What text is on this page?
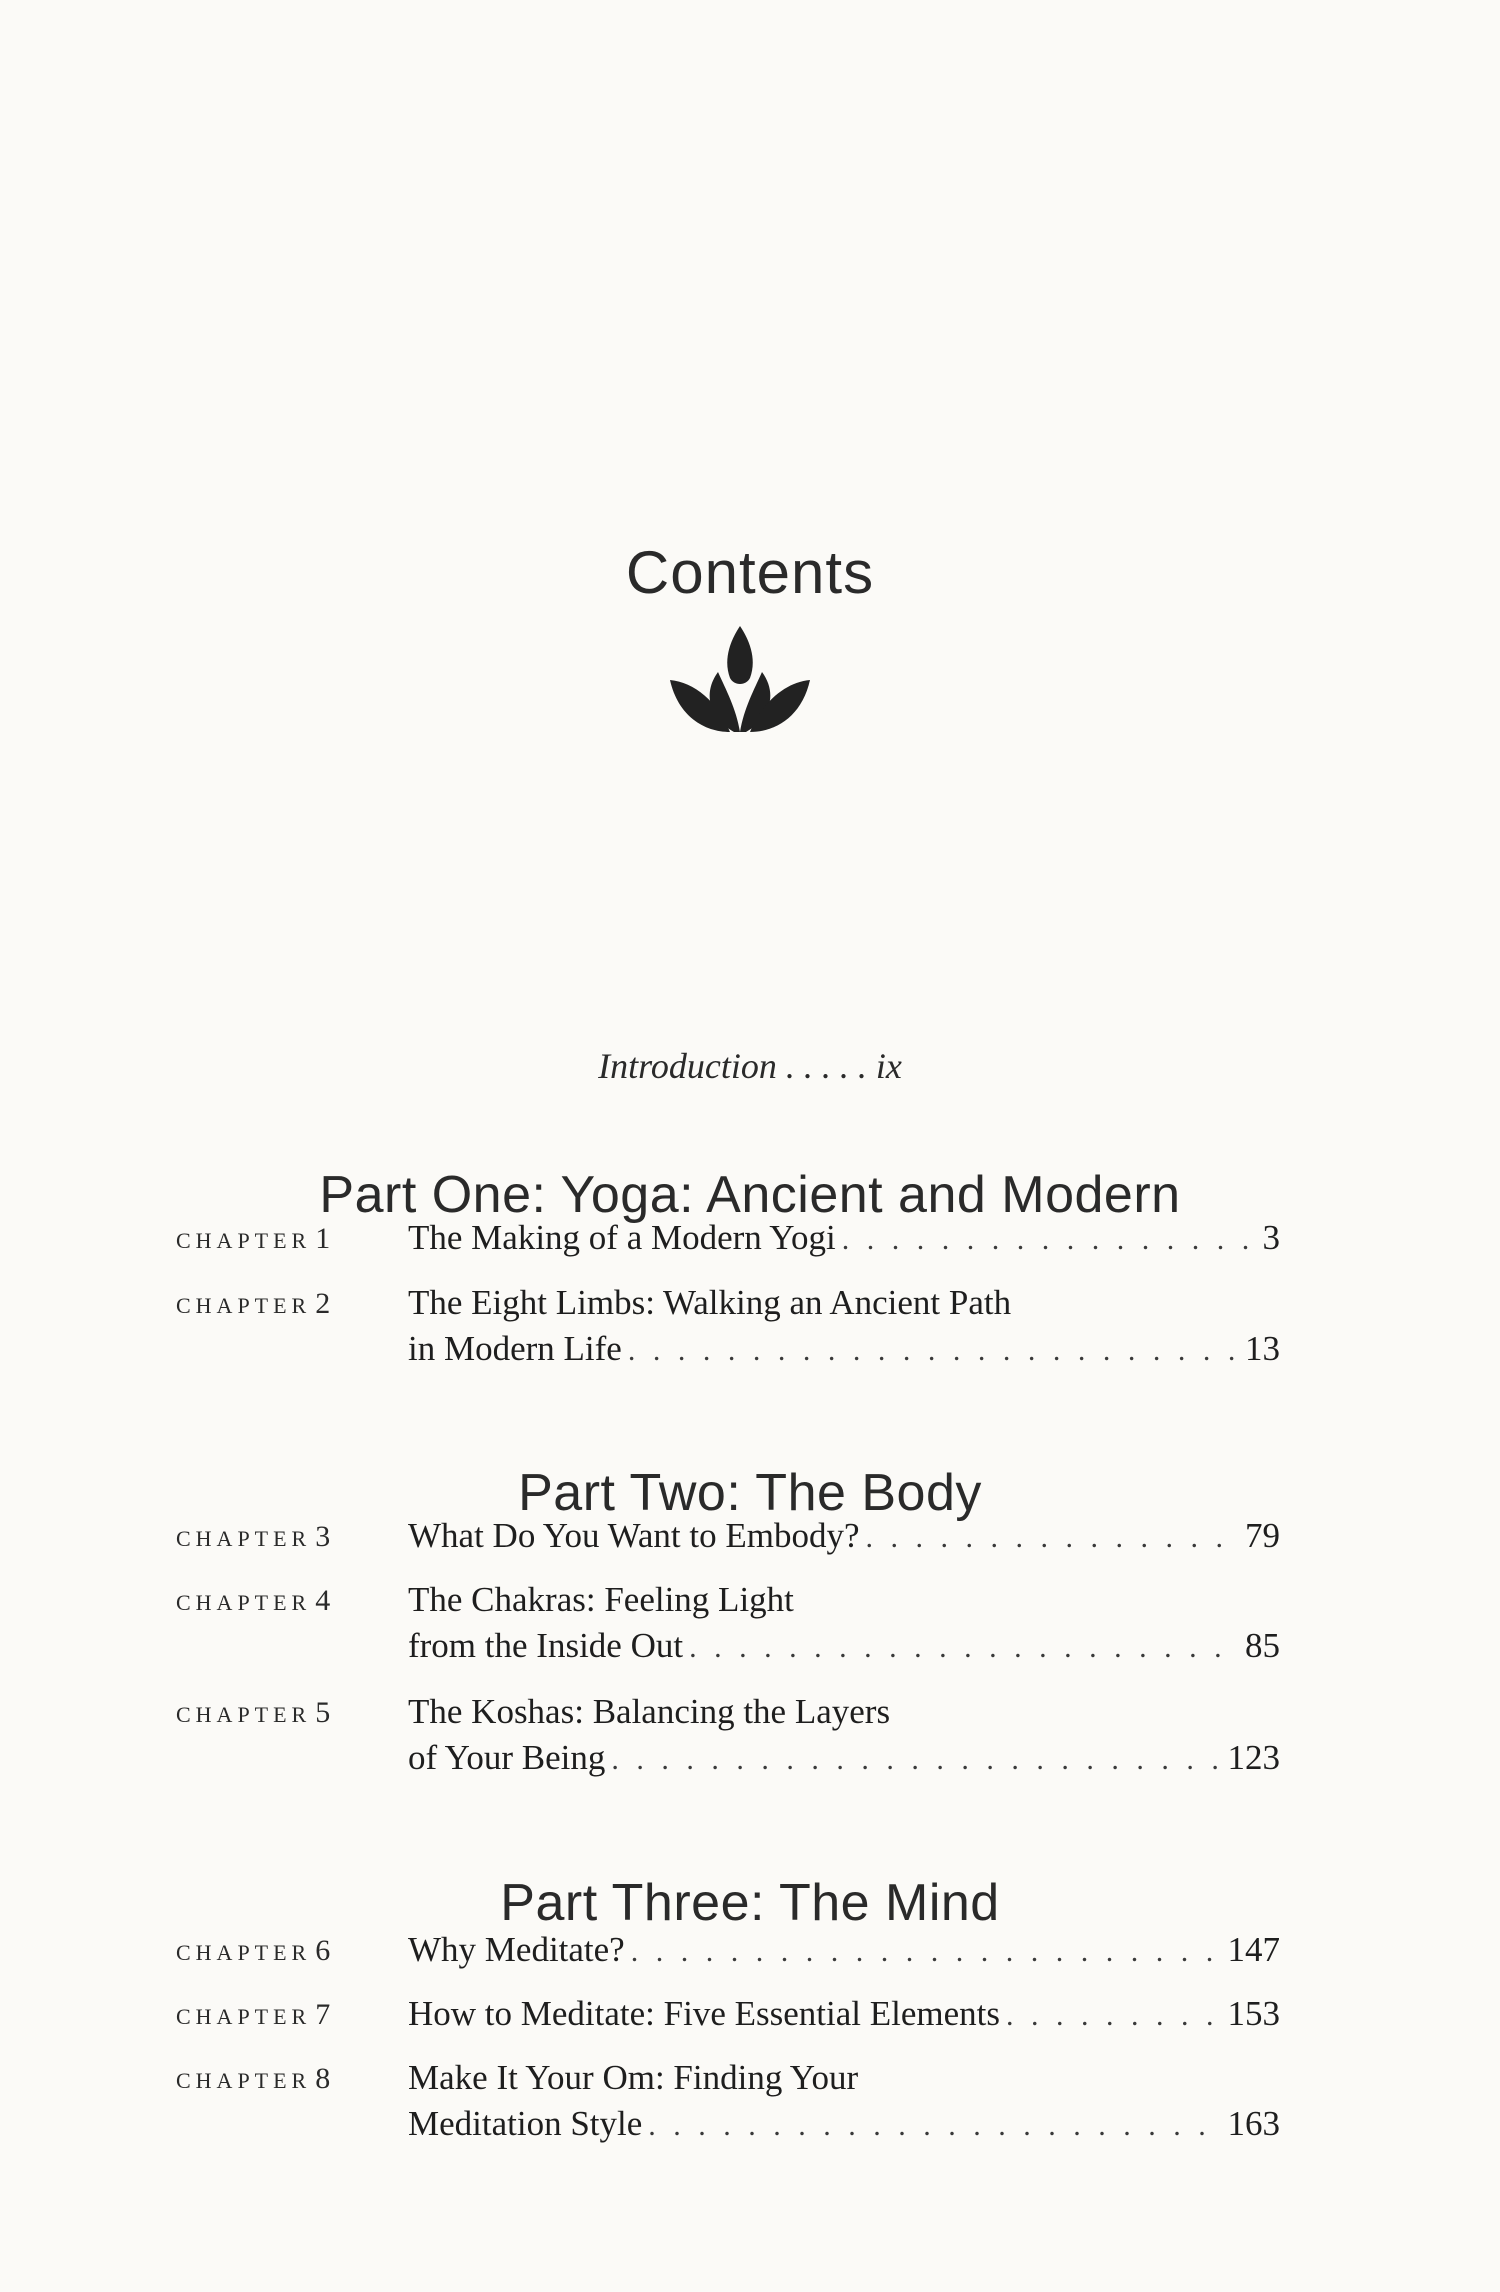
Contents
Introduction . . . . . ix
Part One: Yoga: Ancient and Modern
CHAPTER 1 The Making of a Modern Yogi . . .	3
CHAPTER 2 The Eight Limbs: Walking an Ancient Path
in Modern Life . . .	13
Part Two: The Body
CHAPTER 3 What Do You Want to Embody? . . .	79
CHAPTER 4 The Chakras: Feeling Light
from the Inside Out . . .	85
CHAPTER 5 The Koshas: Balancing the Layers
of Your Being . . .	123
Part Three: The Mind
CHAPTER 6 Why Meditate? . . .	147
CHAPTER 7 How to Meditate: Five Essential Elements . . .	153
CHAPTER 8 Make It Your Om: Finding Your
Meditation Style . . .	163
